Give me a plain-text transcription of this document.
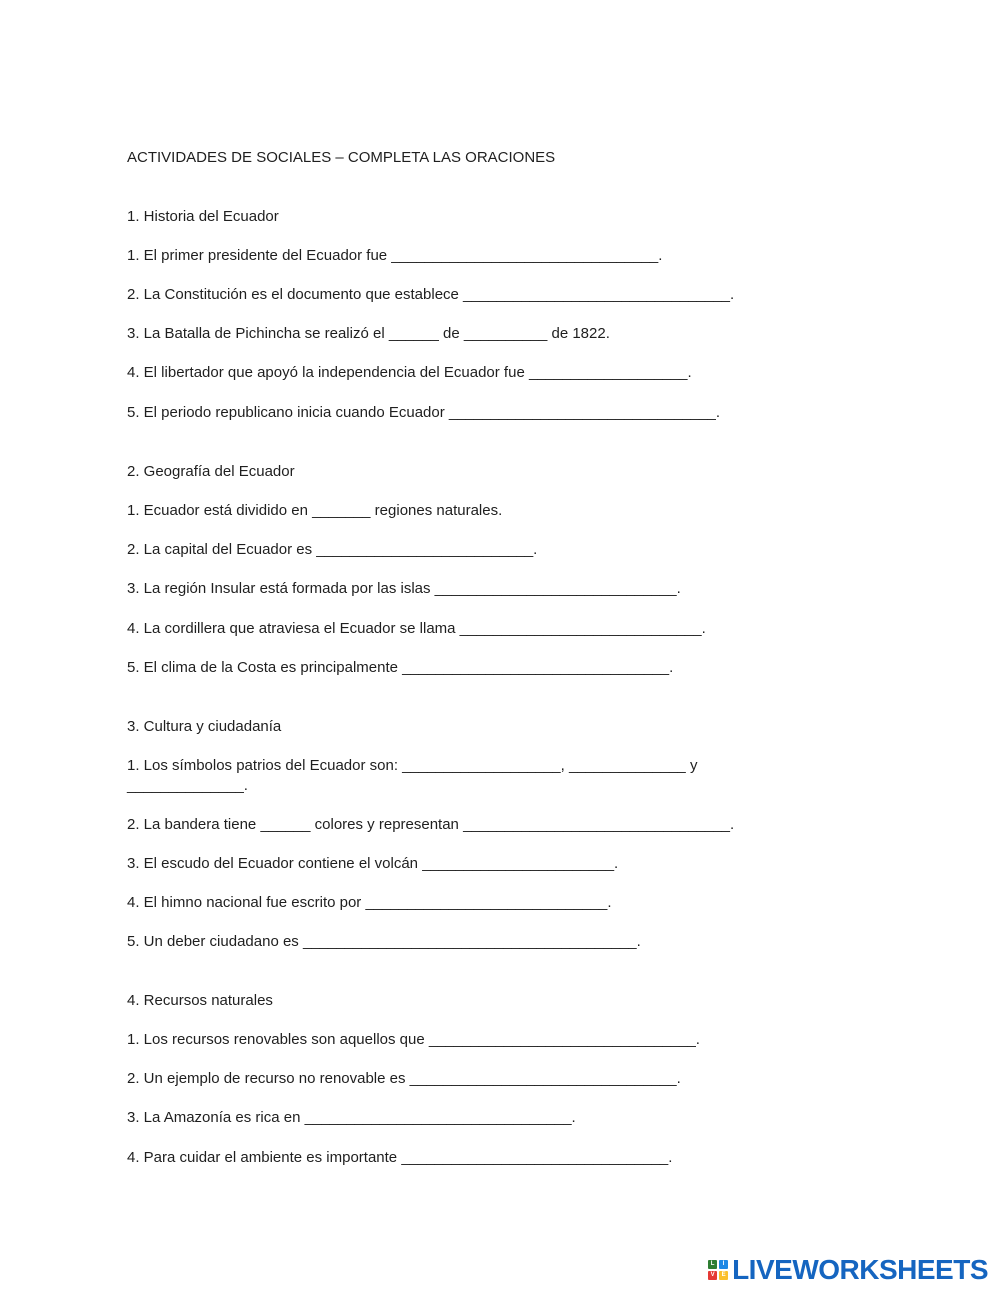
ACTIVIDADES DE SOCIALES – COMPLETA LAS ORACIONES
1. Historia del Ecuador
1. El primer presidente del Ecuador fue ________________________________.
2. La Constitución es el documento que establece ________________________________.
3. La Batalla de Pichincha se realizó el ______ de __________ de 1822.
4. El libertador que apoyó la independencia del Ecuador fue ___________________.
5. El periodo republicano inicia cuando Ecuador ________________________________.
2. Geografía del Ecuador
1. Ecuador está dividido en _______ regiones naturales.
2. La capital del Ecuador es __________________________.
3. La región Insular está formada por las islas _____________________________.
4. La cordillera que atraviesa el Ecuador se llama _____________________________.
5. El clima de la Costa es principalmente ________________________________.
3. Cultura y ciudadanía
1. Los símbolos patrios del Ecuador son: ___________________, ______________ y
______________.
2. La bandera tiene ______ colores y representan ________________________________.
3. El escudo del Ecuador contiene el volcán _______________________.
4. El himno nacional fue escrito por _____________________________.
5. Un deber ciudadano es ________________________________________.
4. Recursos naturales
1. Los recursos renovables son aquellos que ________________________________.
2. Un ejemplo de recurso no renovable es ________________________________.
3. La Amazonía es rica en ________________________________.
4. Para cuidar el ambiente es importante ________________________________.
L	I
V	E LIVEWORKSHEETS
